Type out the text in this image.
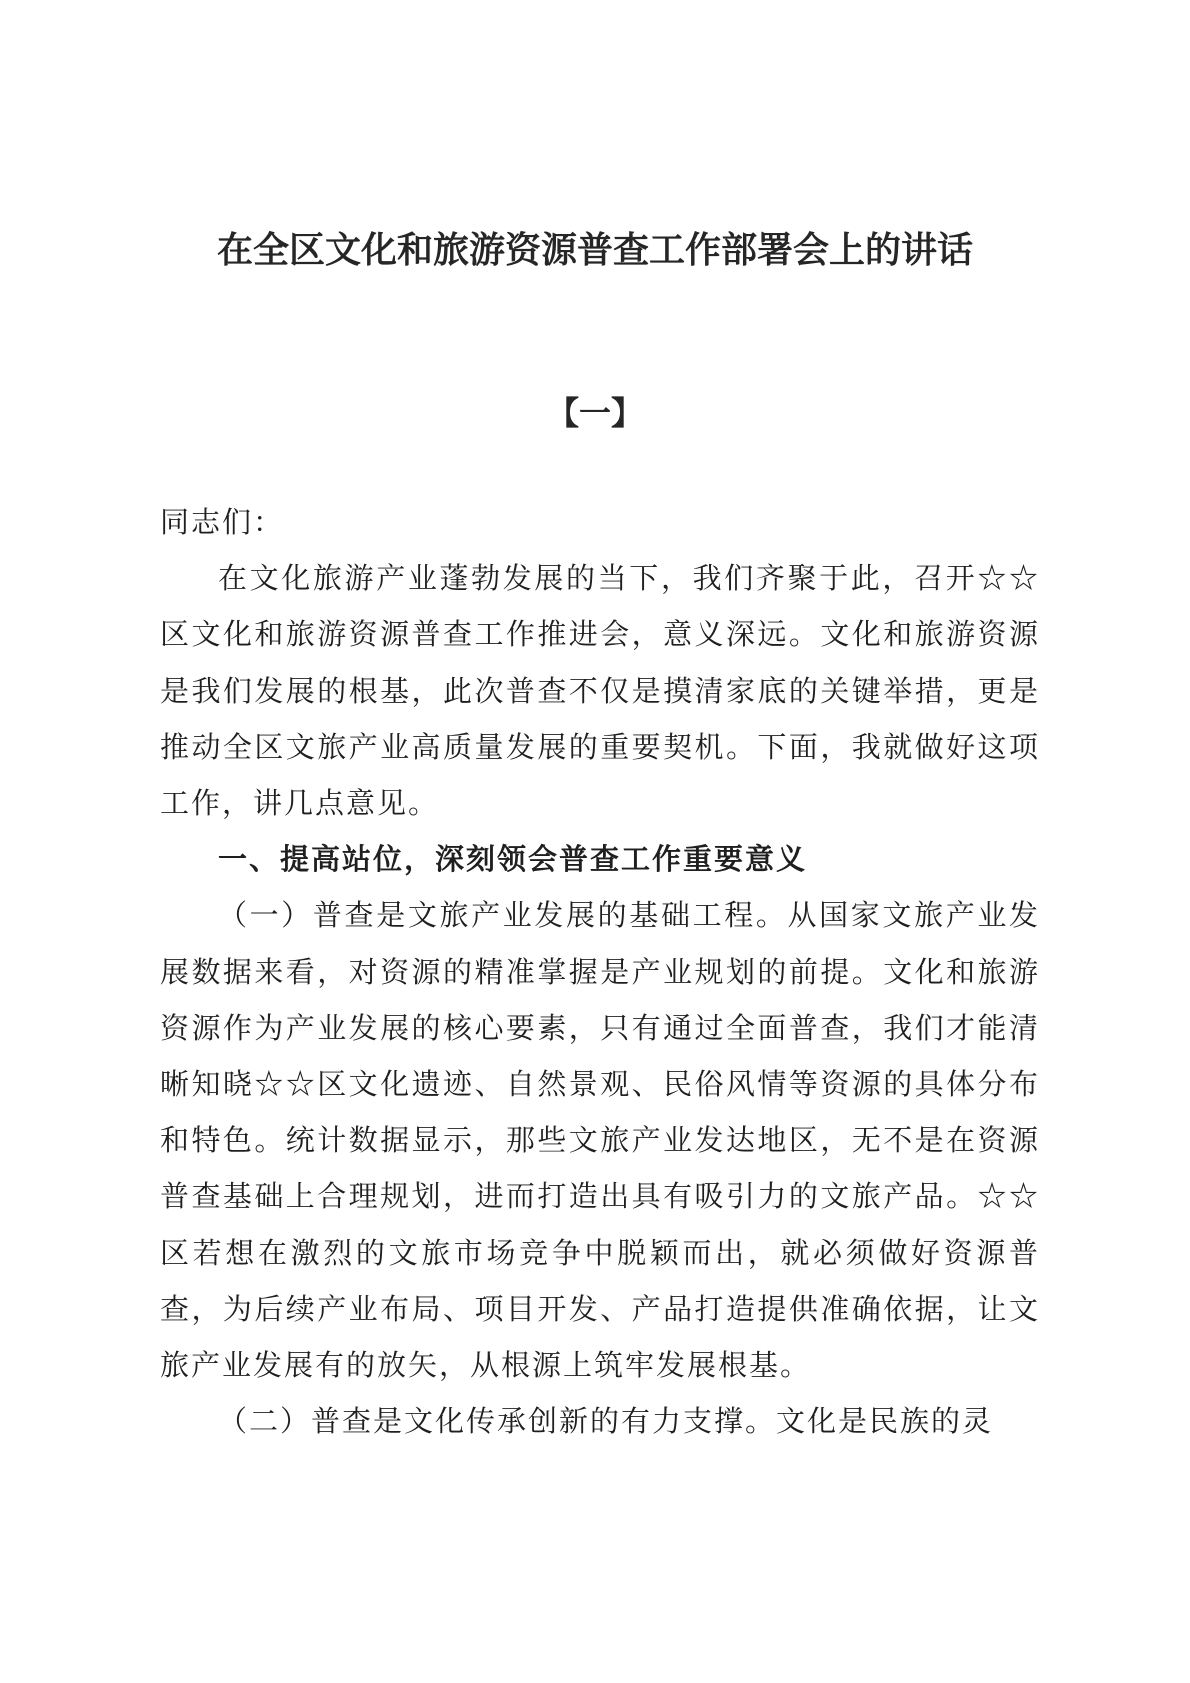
在全区文化和旅游资源普查工作部署会上的讲话
【一】

同志们：

在文化旅游产业蓬勃发展的当下，我们齐聚于此，召开☆☆区文化和旅游资源普查工作推进会，意义深远。文化和旅游资源是我们发展的根基，此次普查不仅是摸清家底的关键举措，更是推动全区文旅产业高质量发展的重要契机。下面，我就做好这项工作，讲几点意见。

一、提高站位，深刻领会普查工作重要意义

（一）普查是文旅产业发展的基础工程。从国家文旅产业发展数据来看，对资源的精准掌握是产业规划的前提。文化和旅游资源作为产业发展的核心要素，只有通过全面普查，我们才能清晰知晓☆☆区文化遗迹、自然景观、民俗风情等资源的具体分布和特色。统计数据显示，那些文旅产业发达地区，无不是在资源普查基础上合理规划，进而打造出具有吸引力的文旅产品。☆☆区若想在激烈的文旅市场竞争中脱颖而出，就必须做好资源普查，为后续产业布局、项目开发、产品打造提供准确依据，让文旅产业发展有的放矢，从根源上筑牢发展根基。

（二）普查是文化传承创新的有力支撑。文化是民族的灵
